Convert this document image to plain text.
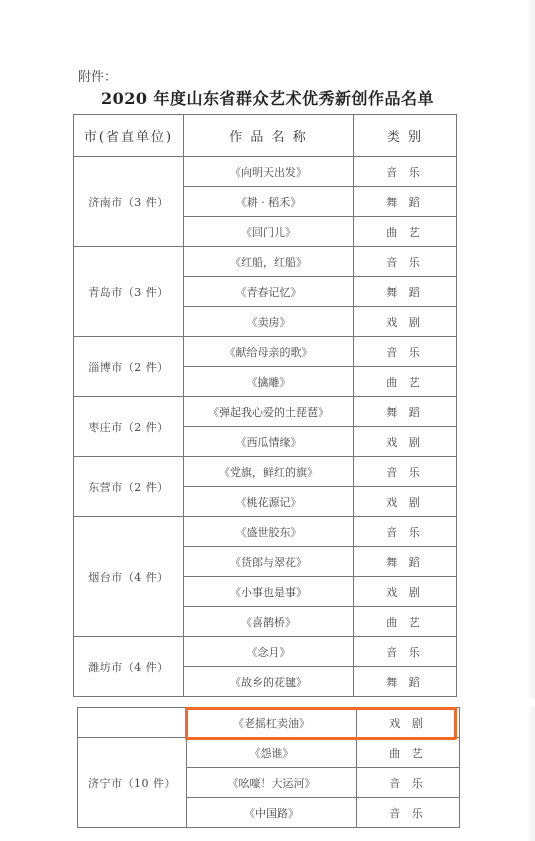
附件：
2020 年度山东省群众艺术优秀新创作品名单
市(省直单位)	作 品 名 称	类 别
济南市（3 件）	《向明天出发》	音 乐
	《耕 · 稻禾》	舞 蹈
	《回门儿》	曲 艺
青岛市（3 件）	《红船，红船》	音 乐
	《青春记忆》	舞 蹈
	《卖房》	戏 剧
淄博市（2 件）	《献给母亲的歌》	音 乐
	《擒雕》	曲 艺
枣庄市（2 件）	《弹起我心爱的土琵琶》	舞 蹈
	《西瓜情缘》	戏 剧
东营市（2 件）	《党旗，鲜红的旗》	音 乐
	《桃花源记》	戏 剧
烟台市（4 件）	《盛世胶东》	音 乐
	《货郎与翠花》	舞 蹈
	《小事也是事》	戏 剧
	《喜鹊桥》	曲 艺
潍坊市（4 件）	《念月》	音 乐
	《故乡的花毽》	舞 蹈
	《老摇杠卖油》	戏 剧
济宁市（10 件）	《怨谁》	曲 艺
	《吆嚎！大运河》	音 乐
	《中国路》	音 乐
